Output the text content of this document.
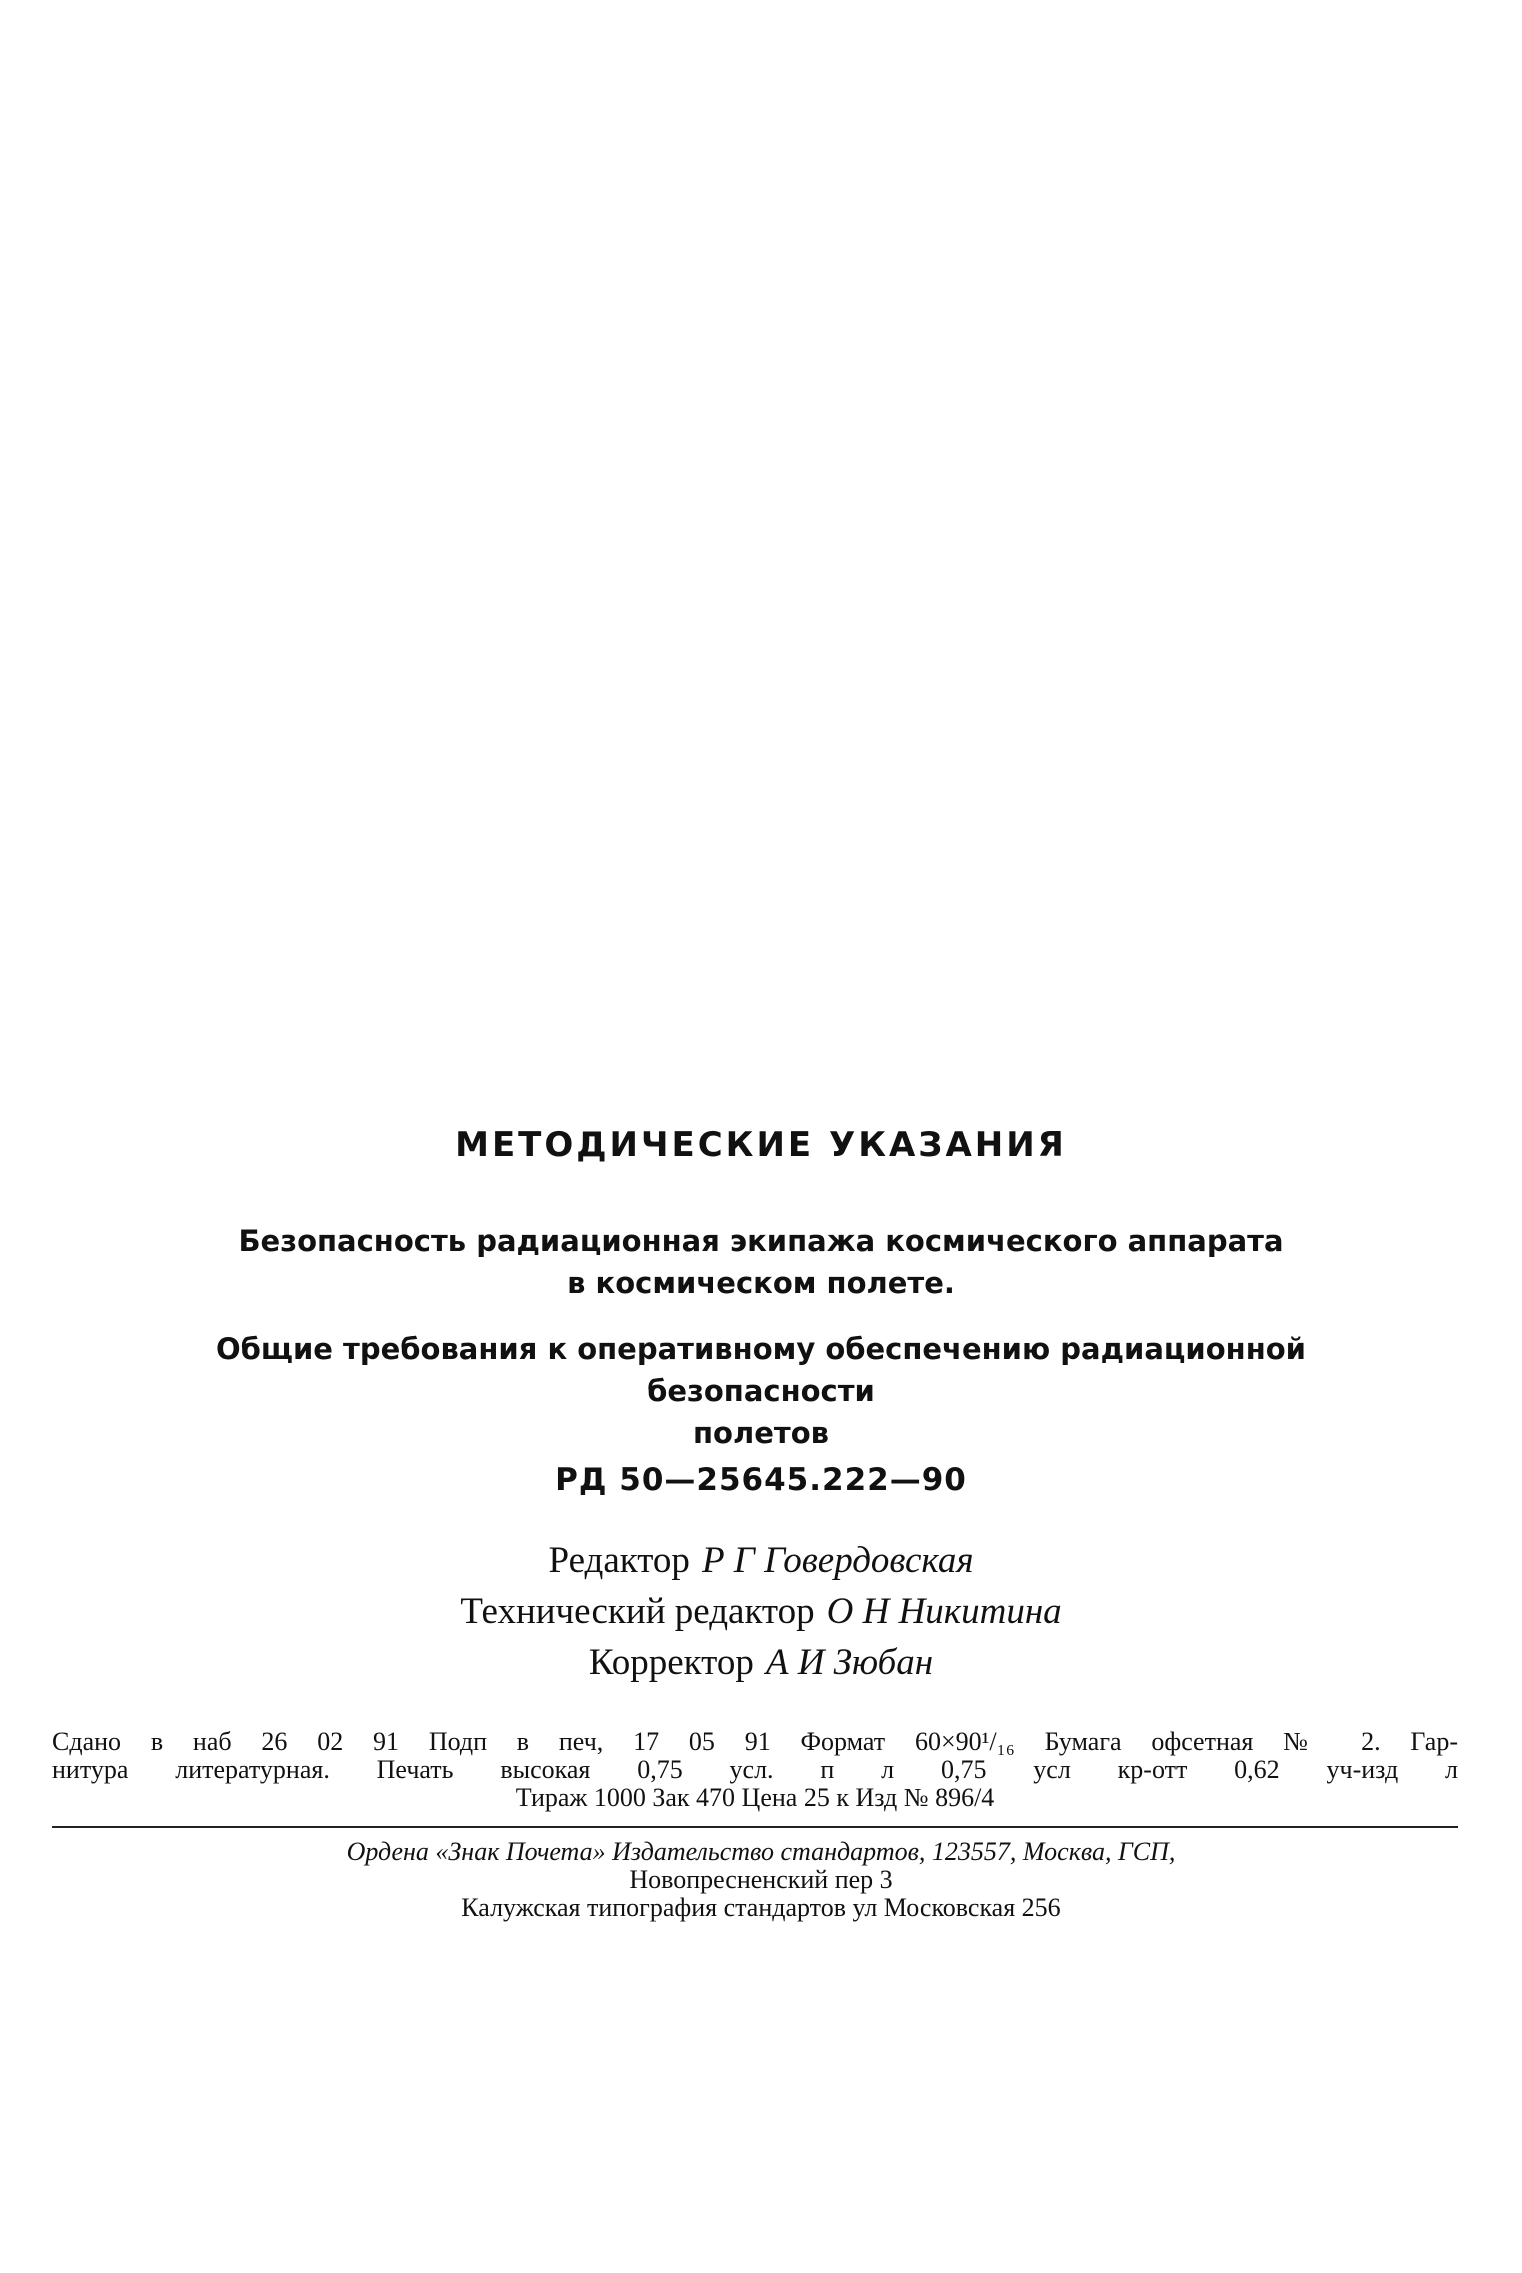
МЕТОДИЧЕСКИЕ УКАЗАНИЯ
Безопасность радиационная экипажа космического аппарата
в космическом полете.
Общие требования к оперативному обеспечению радиационной безопасности
полетов
РД 50—25645.222—90
Редактор Р Г Говердовская
Технический редактор О Н Никитина
Корректор А И Зюбан
Сдано в наб 26 02 91 Подп в печ, 17 05 91 Формат 60×90¹/₁₆ Бумага офсетная № 2. Гар-
нитура литературная. Печать высокая 0,75 усл. п л 0,75 усл кр-отт 0,62 уч-изд л
Тираж 1000 Зак 470 Цена 25 к Изд № 896/4
Ордена «Знак Почета» Издательство стандартов, 123557, Москва, ГСП,
Новопресненский пер 3
Калужская типография стандартов ул Московская 256
